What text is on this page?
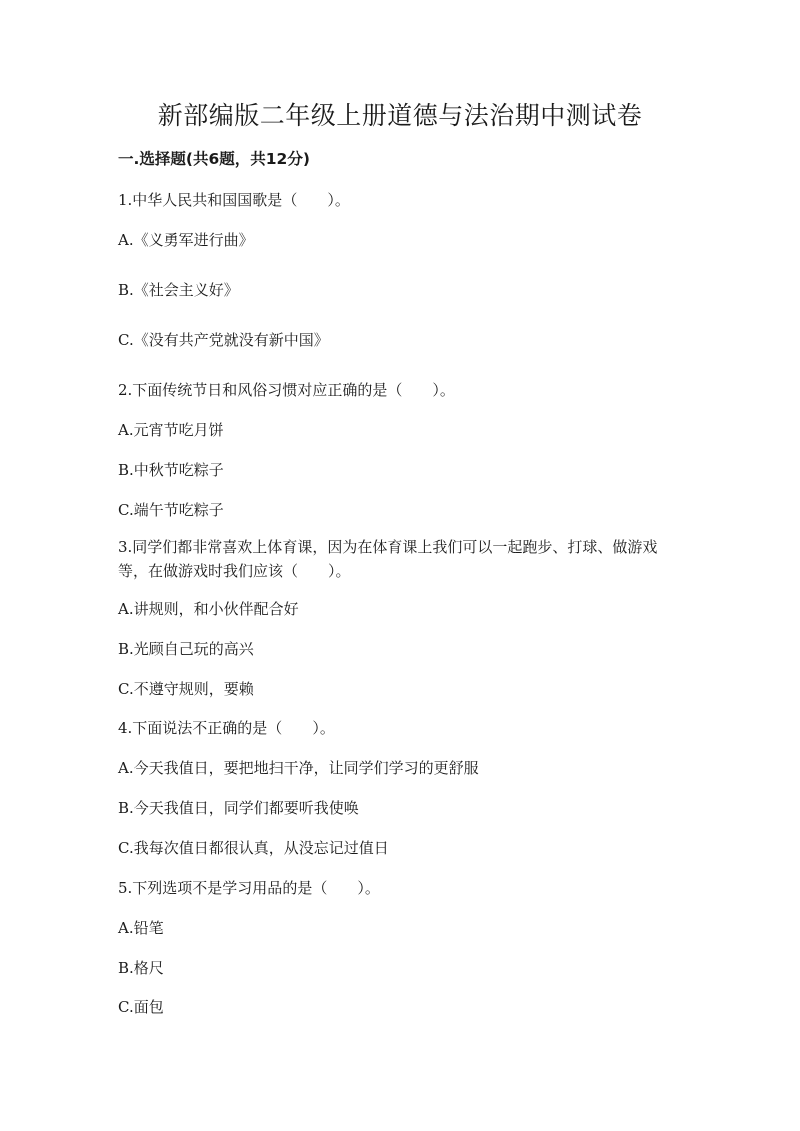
新部编版二年级上册道德与法治期中测试卷
一.选择题(共6题，共12分)
1.中华人民共和国国歌是（　　）。
A.《义勇军进行曲》
B.《社会主义好》
C.《没有共产党就没有新中国》
2.下面传统节日和风俗习惯对应正确的是（　　）。
A.元宵节吃月饼
B.中秋节吃粽子
C.端午节吃粽子
3.同学们都非常喜欢上体育课，因为在体育课上我们可以一起跑步、打球、做游戏等，在做游戏时我们应该（　　）。
A.讲规则，和小伙伴配合好
B.光顾自己玩的高兴
C.不遵守规则，要赖
4.下面说法不正确的是（　　）。
A.今天我值日，要把地扫干净，让同学们学习的更舒服
B.今天我值日，同学们都要听我使唤
C.我每次值日都很认真，从没忘记过值日
5.下列选项不是学习用品的是（　　）。
A.铅笔
B.格尺
C.面包
